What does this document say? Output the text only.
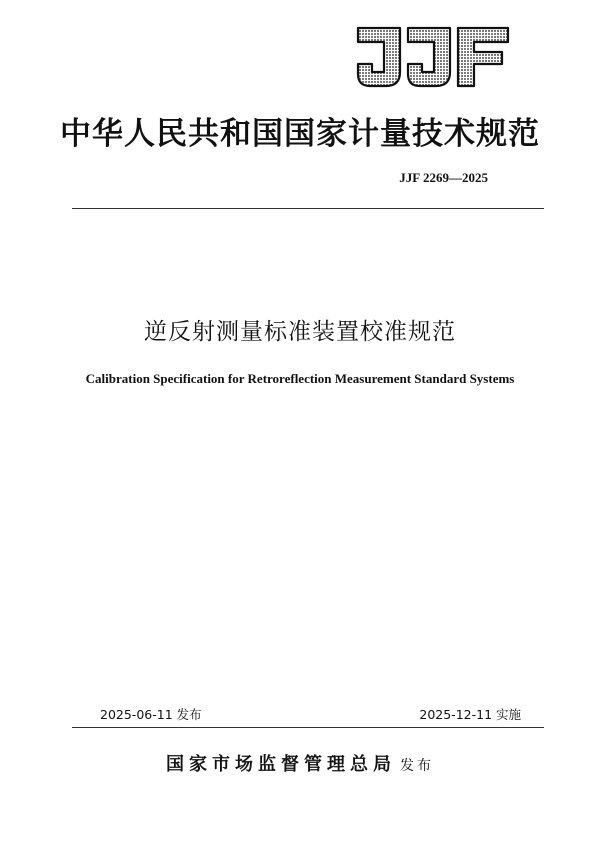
中华人民共和国国家计量技术规范
JJF 2269—2025
逆反射测量标准装置校准规范
Calibration Specification for Retroreflection Measurement Standard Systems
2025-06-11 发布	2025-12-11 实施
国家市场监督管理总局 发布
